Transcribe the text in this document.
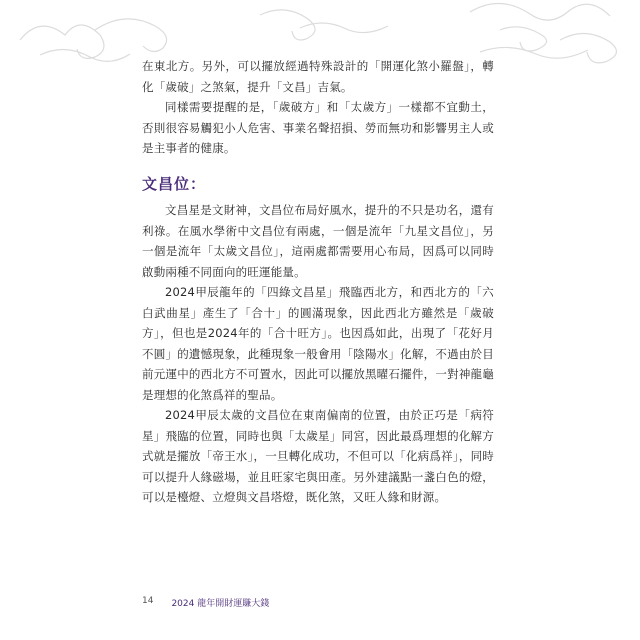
在東北方。另外，可以擺放經過特殊設計的「開運化煞小羅盤」，轉化「歲破」之煞氣，提升「文昌」吉氣。

同樣需要提醒的是，「歲破方」和「太歲方」一樣都不宜動土，否則很容易觸犯小人危害、事業名聲招損、勞而無功和影響男主人或是主事者的健康。

文昌位：

文昌星是文財神，文昌位布局好風水，提升的不只是功名，還有利祿。在風水學術中文昌位有兩處，一個是流年「九星文昌位」，另一個是流年「太歲文昌位」，這兩處都需要用心布局，因爲可以同時啟動兩種不同面向的旺運能量。

2024甲辰龍年的「四綠文昌星」飛臨西北方，和西北方的「六白武曲星」產生了「合十」的圓滿現象，因此西北方雖然是「歲破方」，但也是2024年的「合十旺方」。也因爲如此，出現了「花好月不圓」的遺憾現象，此種現象一般會用「陰陽水」化解，不過由於目前元運中的西北方不可置水，因此可以擺放黑曜石擺件，一對神龍龜是理想的化煞爲祥的聖品。

2024甲辰太歲的文昌位在東南偏南的位置，由於正巧是「病符星」飛臨的位置，同時也與「太歲星」同宮，因此最爲理想的化解方式就是擺放「帝王水」，一旦轉化成功，不但可以「化病爲祥」，同時可以提升人緣磁場，並且旺家宅與田產。另外建議點一盞白色的燈，可以是檯燈、立燈與文昌塔燈，既化煞，又旺人緣和財源。

14 2024 龍年開財運賺大錢
